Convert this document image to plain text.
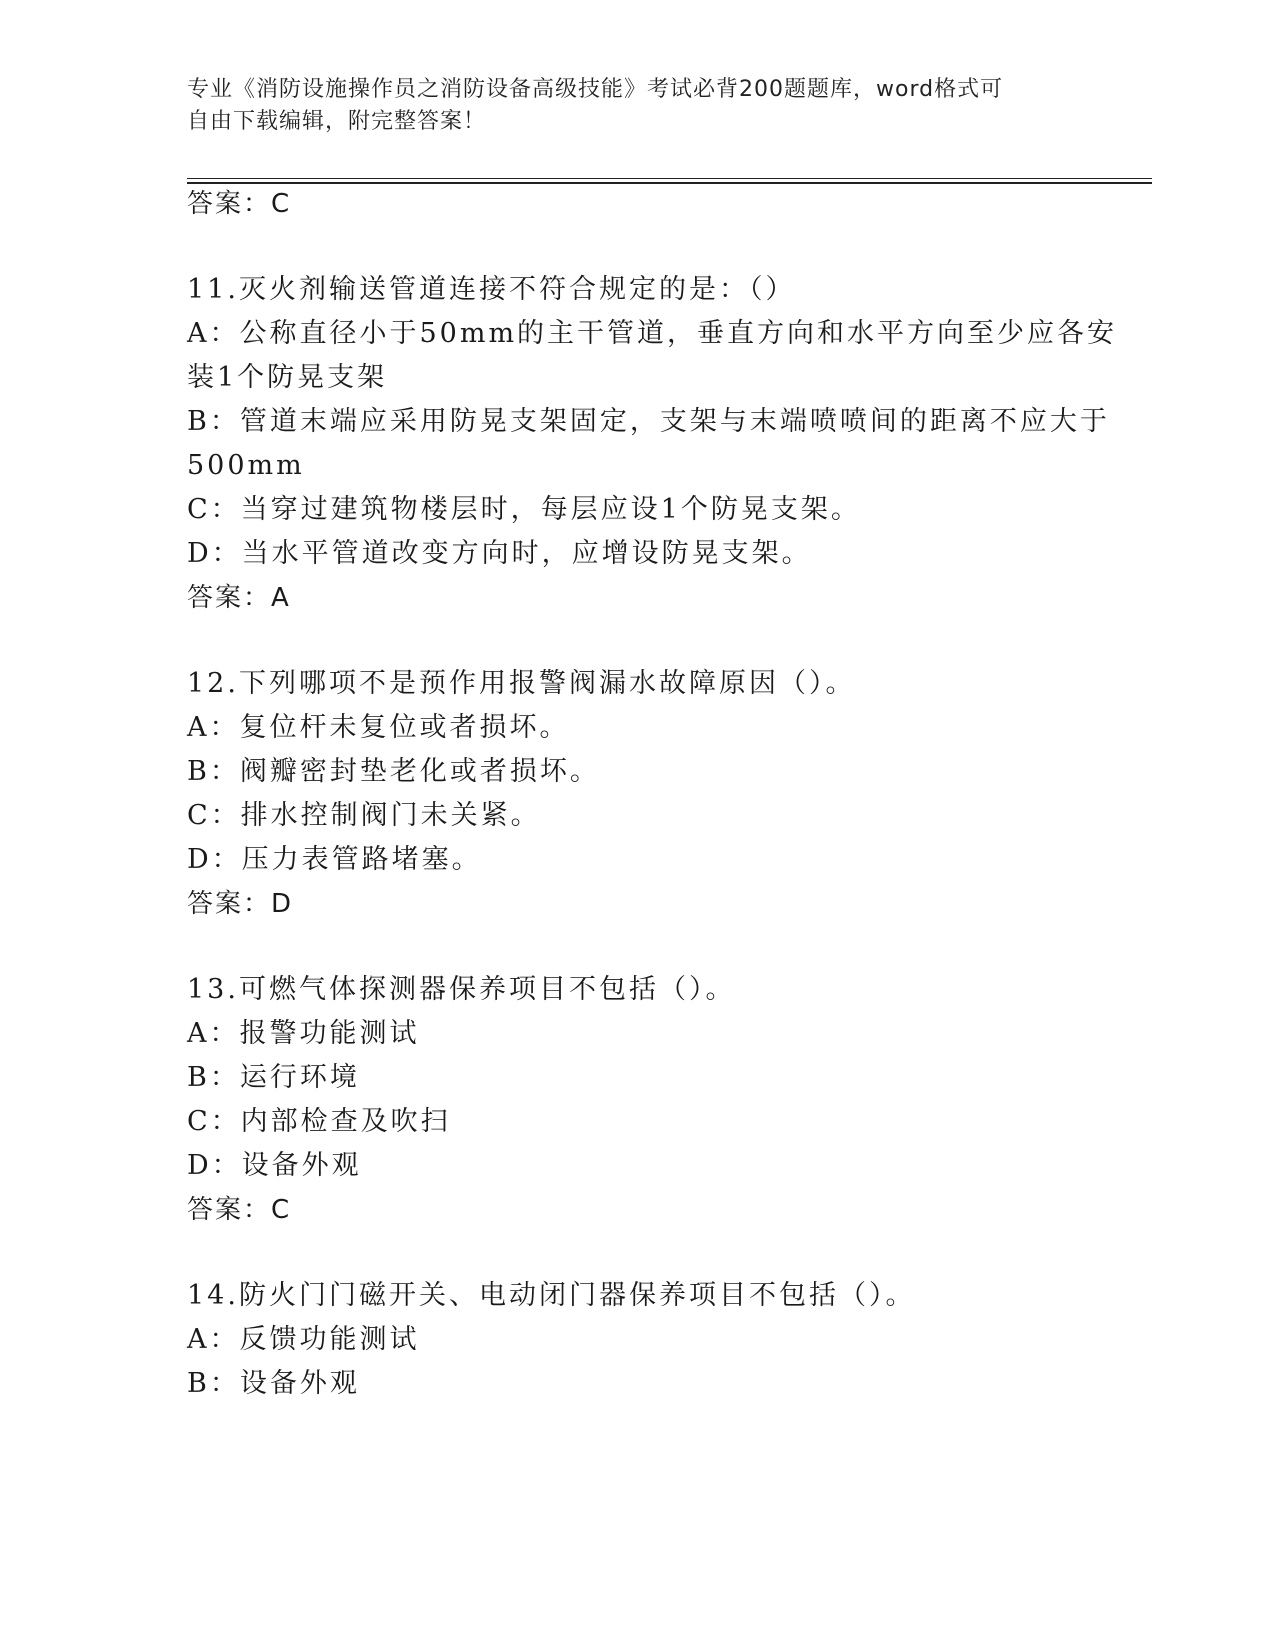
专业《消防设施操作员之消防设备高级技能》考试必背200题题库，word格式可
自由下载编辑，附完整答案！
答案：C
11.灭火剂输送管道连接不符合规定的是：（）
A：公称直径小于50mm的主干管道，垂直方向和水平方向至少应各安
装1个防晃支架
B：管道末端应采用防晃支架固定，支架与末端喷喷间的距离不应大于
500mm
C：当穿过建筑物楼层时，每层应设1个防晃支架。
D：当水平管道改变方向时，应增设防晃支架。
答案：A
12.下列哪项不是预作用报警阀漏水故障原因（）。
A：复位杆未复位或者损坏。
B：阀瓣密封垫老化或者损坏。
C：排水控制阀门未关紧。
D：压力表管路堵塞。
答案：D
13.可燃气体探测器保养项目不包括（）。
A：报警功能测试
B：运行环境
C：内部检查及吹扫
D：设备外观
答案：C
14.防火门门磁开关、电动闭门器保养项目不包括（）。
A：反馈功能测试
B：设备外观
